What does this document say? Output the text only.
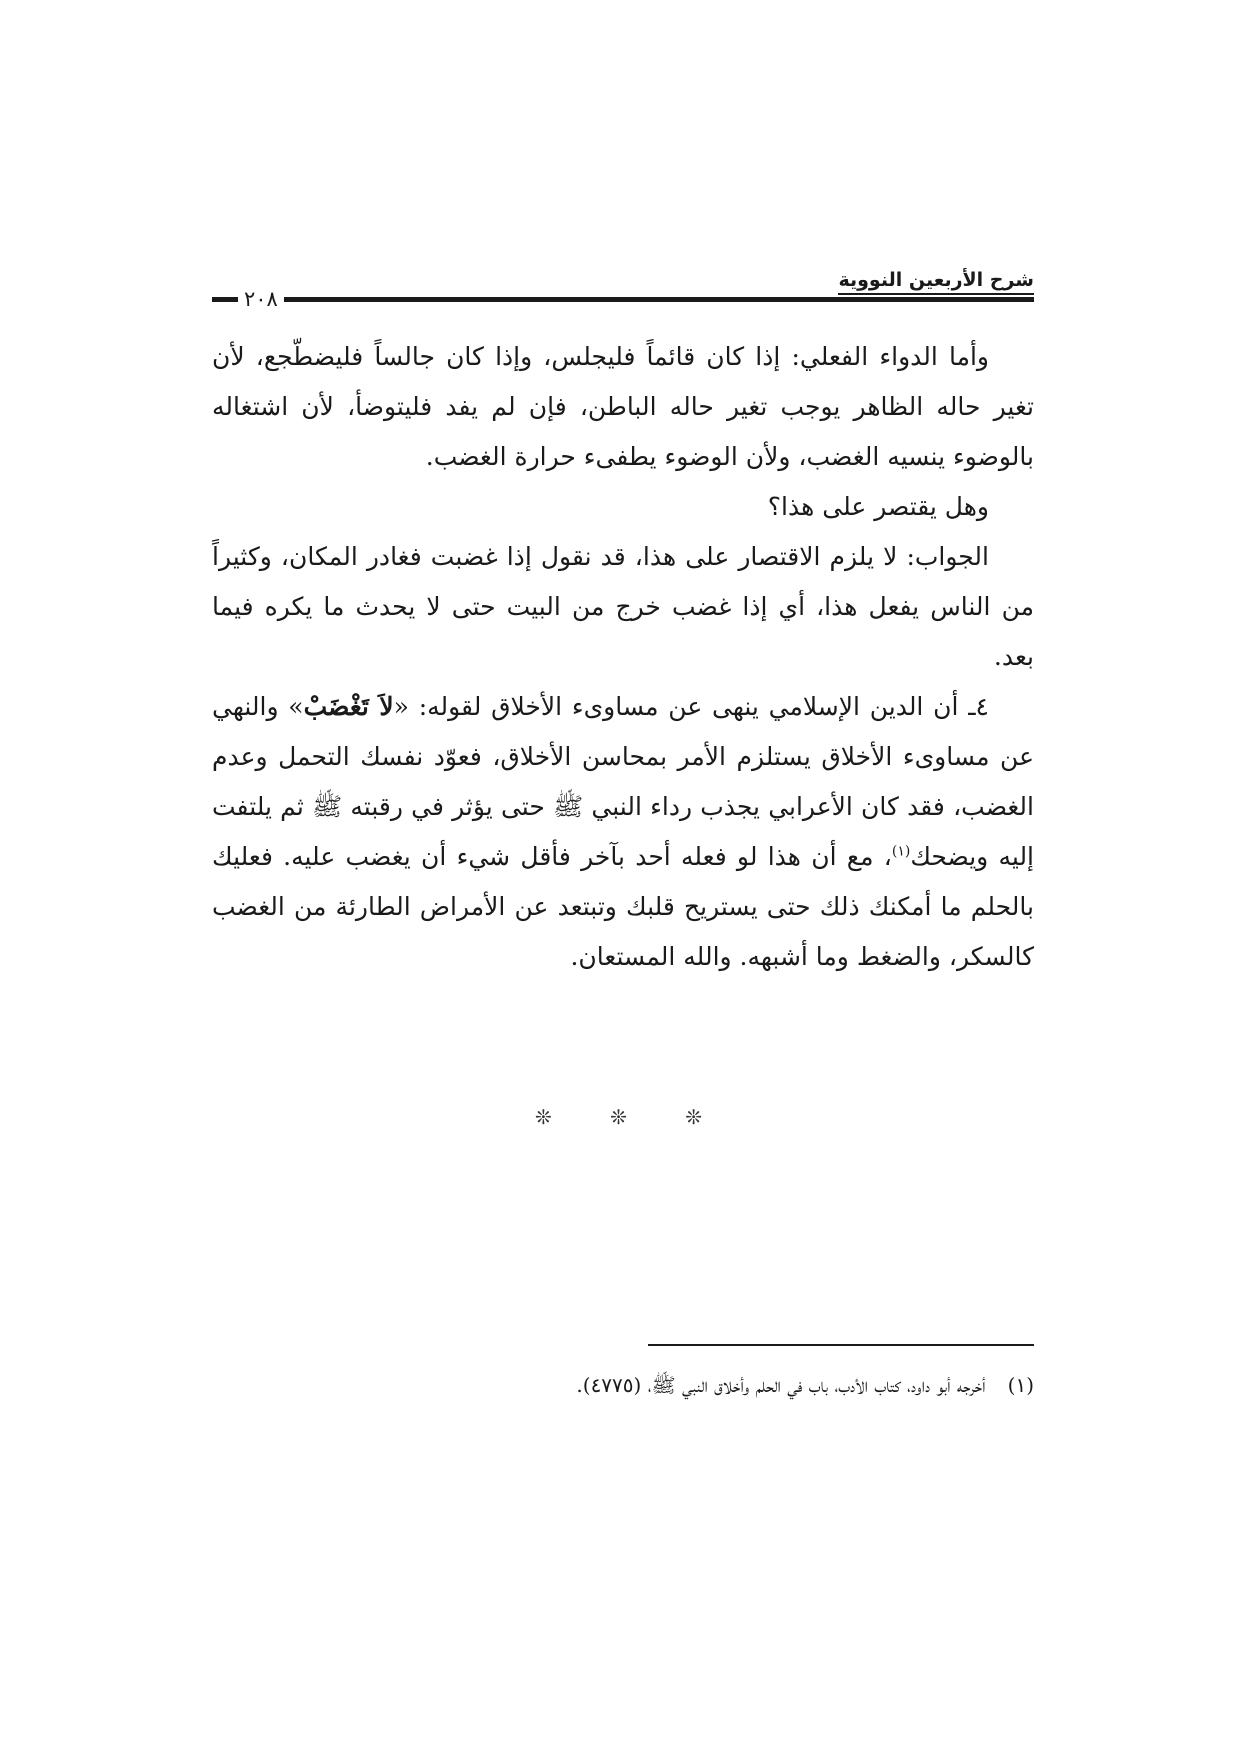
شرح الأربعين النووية
٢٠٨

وأما الدواء الفعلي: إذا كان قائماً فليجلس، وإذا كان جالساً فليضطّجع، لأن تغير حاله الظاهر يوجب تغير حاله الباطن، فإن لم يفد فليتوضأ، لأن اشتغاله بالوضوء ينسيه الغضب، ولأن الوضوء يطفىء حرارة الغضب.

وهل يقتصر على هذا؟

الجواب: لا يلزم الاقتصار على هذا، قد نقول إذا غضبت فغادر المكان، وكثيراً من الناس يفعل هذا، أي إذا غضب خرج من البيت حتى لا يحدث ما يكره فيما بعد.

٤ـ أن الدين الإسلامي ينهى عن مساوىء الأخلاق لقوله: «لاَ تَغْضَبْ» والنهي عن مساوىء الأخلاق يستلزم الأمر بمحاسن الأخلاق، فعوّد نفسك التحمل وعدم الغضب، فقد كان الأعرابي يجذب رداء النبي ﷺ حتى يؤثر في رقبته ﷺ ثم يلتفت إليه ويضحك$^{(١)}$، مع أن هذا لو فعله أحد بآخر فأقل شيء أن يغضب عليه. فعليك بالحلم ما أمكنك ذلك حتى يستريح قلبك وتبتعد عن الأمراض الطارئة من الغضب كالسكر، والضغط وما أشبهه. والله المستعان.

❊	❊	❊
(١)أخرجه أبو داود، كتاب الأدب، باب في الحلم وأخلاق النبي ﷺ، (٤٧٧٥).
